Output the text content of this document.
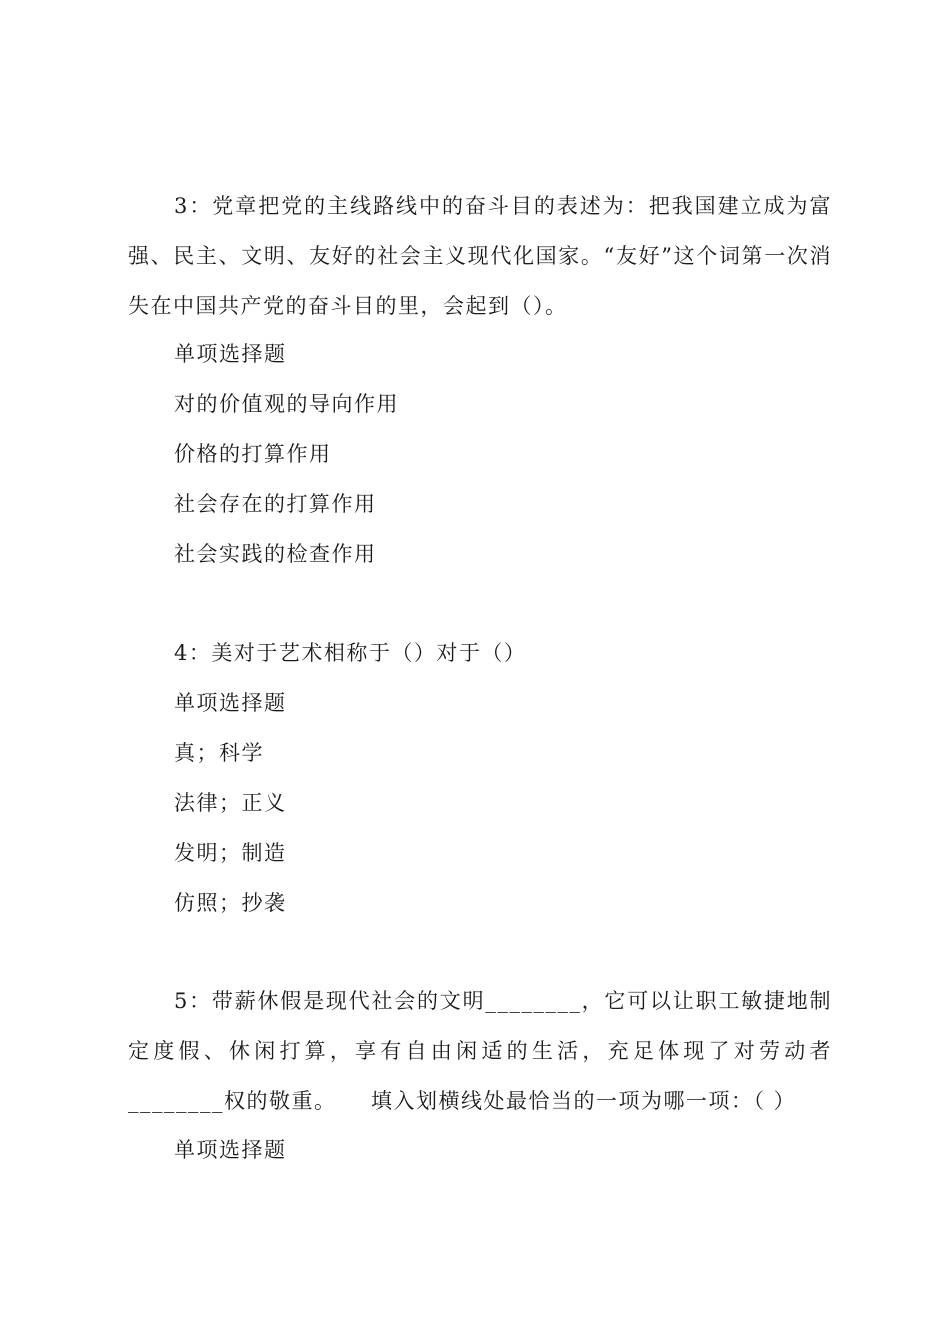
3：党章把党的主线路线中的奋斗目的表述为：把我国建立成为富强、民主、文明、友好的社会主义现代化国家。“友好”这个词第一次消失在中国共产党的奋斗目的里，会起到（）。

单项选择题

对的价值观的导向作用

价格的打算作用

社会存在的打算作用

社会实践的检查作用

4：美对于艺术相称于（）对于（）

单项选择题

真；科学

法律；正义

发明；制造

仿照；抄袭

5：带薪休假是现代社会的文明________，它可以让职工敏捷地制定度假、休闲打算，享有自由闲适的生活，充足体现了对劳动者________权的敬重。　　填入划横线处最恰当的一项为哪一项：（ ）

单项选择题
